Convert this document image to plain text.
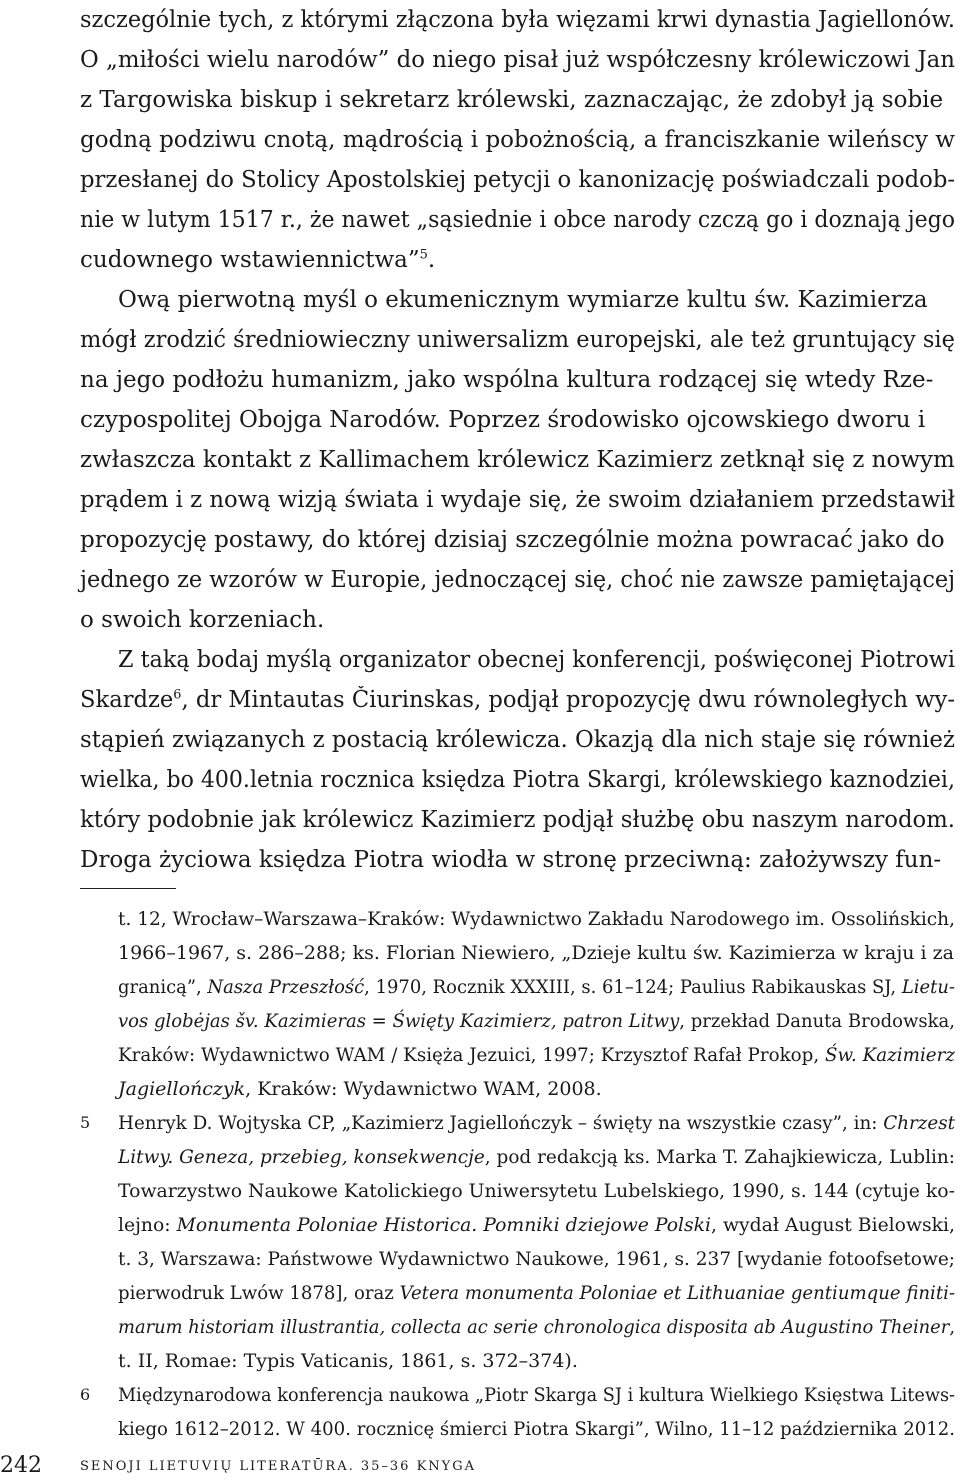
szczególnie tych, z którymi złączona była więzami krwi dynastia Jagiellonów.
O „miłości wielu narodów” do niego pisał już współczesny królewiczowi Jan
z Targowiska biskup i sekretarz królewski, zaznaczając, że zdobył ją sobie
godną podziwu cnotą, mądrością i pobożnością, a franciszkanie wileńscy w
przesłanej do Stolicy Apostolskiej petycji o kanonizację poświadczali podob-
nie w lutym 1517 r., że nawet „sąsiednie i obce narody czczą go i doznają jego
cudownego wstawiennictwa”$^5$.
Ową pierwotną myśl o ekumenicznym wymiarze kultu św. Kazimierza
mógł zrodzić średniowieczny uniwersalizm europejski, ale też gruntujący się
na jego podłożu humanizm, jako wspólna kultura rodzącej się wtedy Rze-
czypospolitej Obojga Narodów. Poprzez środowisko ojcowskiego dworu i
zwłaszcza kontakt z Kallimachem królewicz Kazimierz zetknął się z nowym
prądem i z nową wizją świata i wydaje się, że swoim działaniem przedstawił
propozycję postawy, do której dzisiaj szczególnie można powracać jako do
jednego ze wzorów w Europie, jednoczącej się, choć nie zawsze pamiętającej
o swoich korzeniach.
Z taką bodaj myślą organizator obecnej konferencji, poświęconej Piotrowi
Skardze$^6$, dr Mintautas Čiurinskas, podjął propozycję dwu równoległych wy-
stąpień związanych z postacią królewicza. Okazją dla nich staje się również
wielka, bo 400.letnia rocznica księdza Piotra Skargi, królewskiego kaznodziei,
który podobnie jak królewicz Kazimierz podjął służbę obu naszym narodom.
Droga życiowa księdza Piotra wiodła w stronę przeciwną: założywszy fun-
t. 12, Wrocław–Warszawa–Kraków: Wydawnictwo Zakładu Narodowego im. Ossolińskich,
1966–1967, s. 286–288; ks. Florian Niewiero, „Dzieje kultu św. Kazimierza w kraju i za
granicą”, Nasza Przeszłość, 1970, Rocznik XXXIII, s. 61–124; Paulius Rabikauskas SJ, Lietu-
vos globėjas šv. Kazimieras = Święty Kazimierz, patron Litwy, przekład Danuta Brodowska,
Kraków: Wydawnictwo WAM / Księża Jezuici, 1997; Krzysztof Rafał Prokop, Św. Kazimierz
Jagiellończyk, Kraków: Wydawnictwo WAM, 2008.
5	Henryk D. Wojtyska CP, „Kazimierz Jagiellończyk – święty na wszystkie czasy”, in: Chrzest
Litwy. Geneza, przebieg, konsekwencje, pod redakcją ks. Marka T. Zahajkiewicza, Lublin:
Towarzystwo Naukowe Katolickiego Uniwersytetu Lubelskiego, 1990, s. 144 (cytuje ko-
lejno: Monumenta Poloniae Historica. Pomniki dziejowe Polski, wydał August Bielowski,
t. 3, Warszawa: Państwowe Wydawnictwo Naukowe, 1961, s. 237 [wydanie fotoofsetowe;
pierwodruk Lwów 1878], oraz Vetera monumenta Poloniae et Lithuaniae gentiumque finiti-
marum historiam illustrantia, collecta ac serie chronologica disposita ab Augustino Theiner,
t. II, Romae: Typis Vaticanis, 1861, s. 372–374).
6	Międzynarodowa konferencja naukowa „Piotr Skarga SJ i kultura Wielkiego Księstwa Litews-
kiego 1612–2012. W 400. rocznicę śmierci Piotra Skargi”, Wilno, 11–12 października 2012.
242	SENOJI LIETUVIŲ LITERATŪRA. 35–36 KNYGA
